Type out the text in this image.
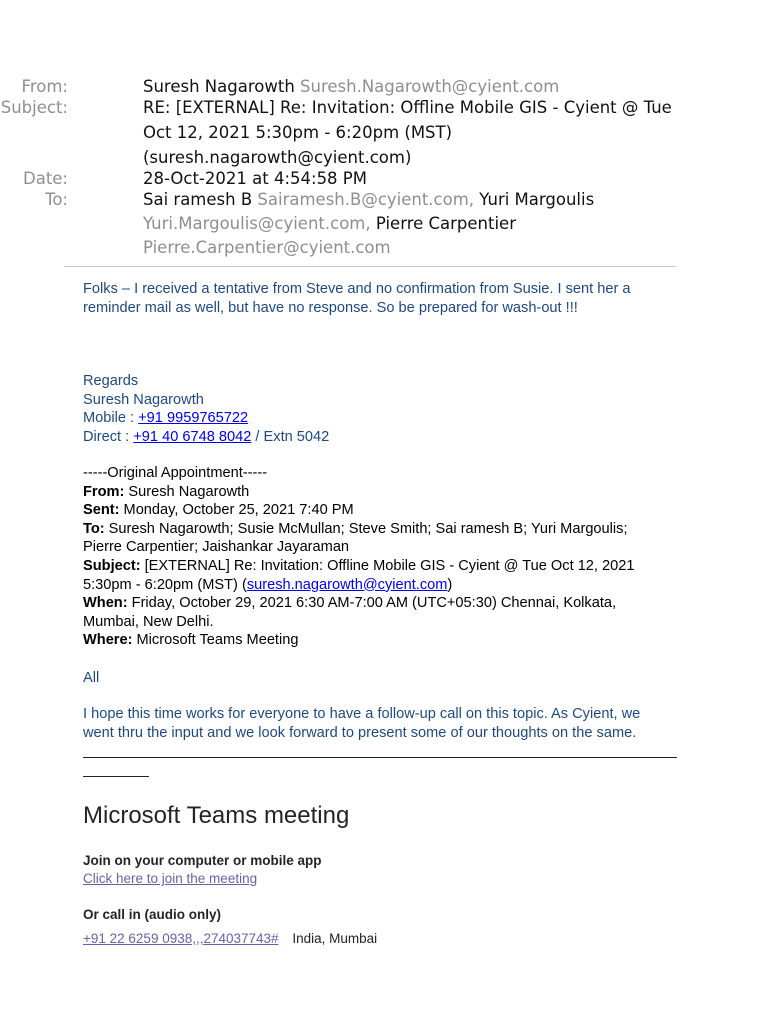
From:	Suresh Nagarowth Suresh.Nagarowth@cyient.com
Subject:	RE: [EXTERNAL] Re: Invitation: Offline Mobile GIS - Cyient @ Tue
Oct 12, 2021 5:30pm - 6:20pm (MST)
(suresh.nagarowth@cyient.com)
Date:	28-Oct-2021 at 4:54:58 PM
To:	Sai ramesh B Sairamesh.B@cyient.com, Yuri Margoulis
Yuri.Margoulis@cyient.com, Pierre Carpentier
Pierre.Carpentier@cyient.com
Folks – I received a tentative from Steve and no confirmation from Susie. I sent her a
reminder mail as well, but have no response. So be prepared for wash-out !!!
Regards
Suresh Nagarowth
Mobile : +91 9959765722
Direct : +91 40 6748 8042 / Extn 5042
-----Original Appointment-----
From: Suresh Nagarowth
Sent: Monday, October 25, 2021 7:40 PM
To: Suresh Nagarowth; Susie McMullan; Steve Smith; Sai ramesh B; Yuri Margoulis;
Pierre Carpentier; Jaishankar Jayaraman
Subject: [EXTERNAL] Re: Invitation: Offline Mobile GIS - Cyient @ Tue Oct 12, 2021
5:30pm - 6:20pm (MST) (suresh.nagarowth@cyient.com)
When: Friday, October 29, 2021 6:30 AM-7:00 AM (UTC+05:30) Chennai, Kolkata,
Mumbai, New Delhi.
Where: Microsoft Teams Meeting
All
I hope this time works for everyone to have a follow-up call on this topic. As Cyient, we
went thru the input and we look forward to present some of our thoughts on the same.
Microsoft Teams meeting
Join on your computer or mobile app
Click here to join the meeting
Or call in (audio only)
+91 22 6259 0938,,,274037743# India, Mumbai
